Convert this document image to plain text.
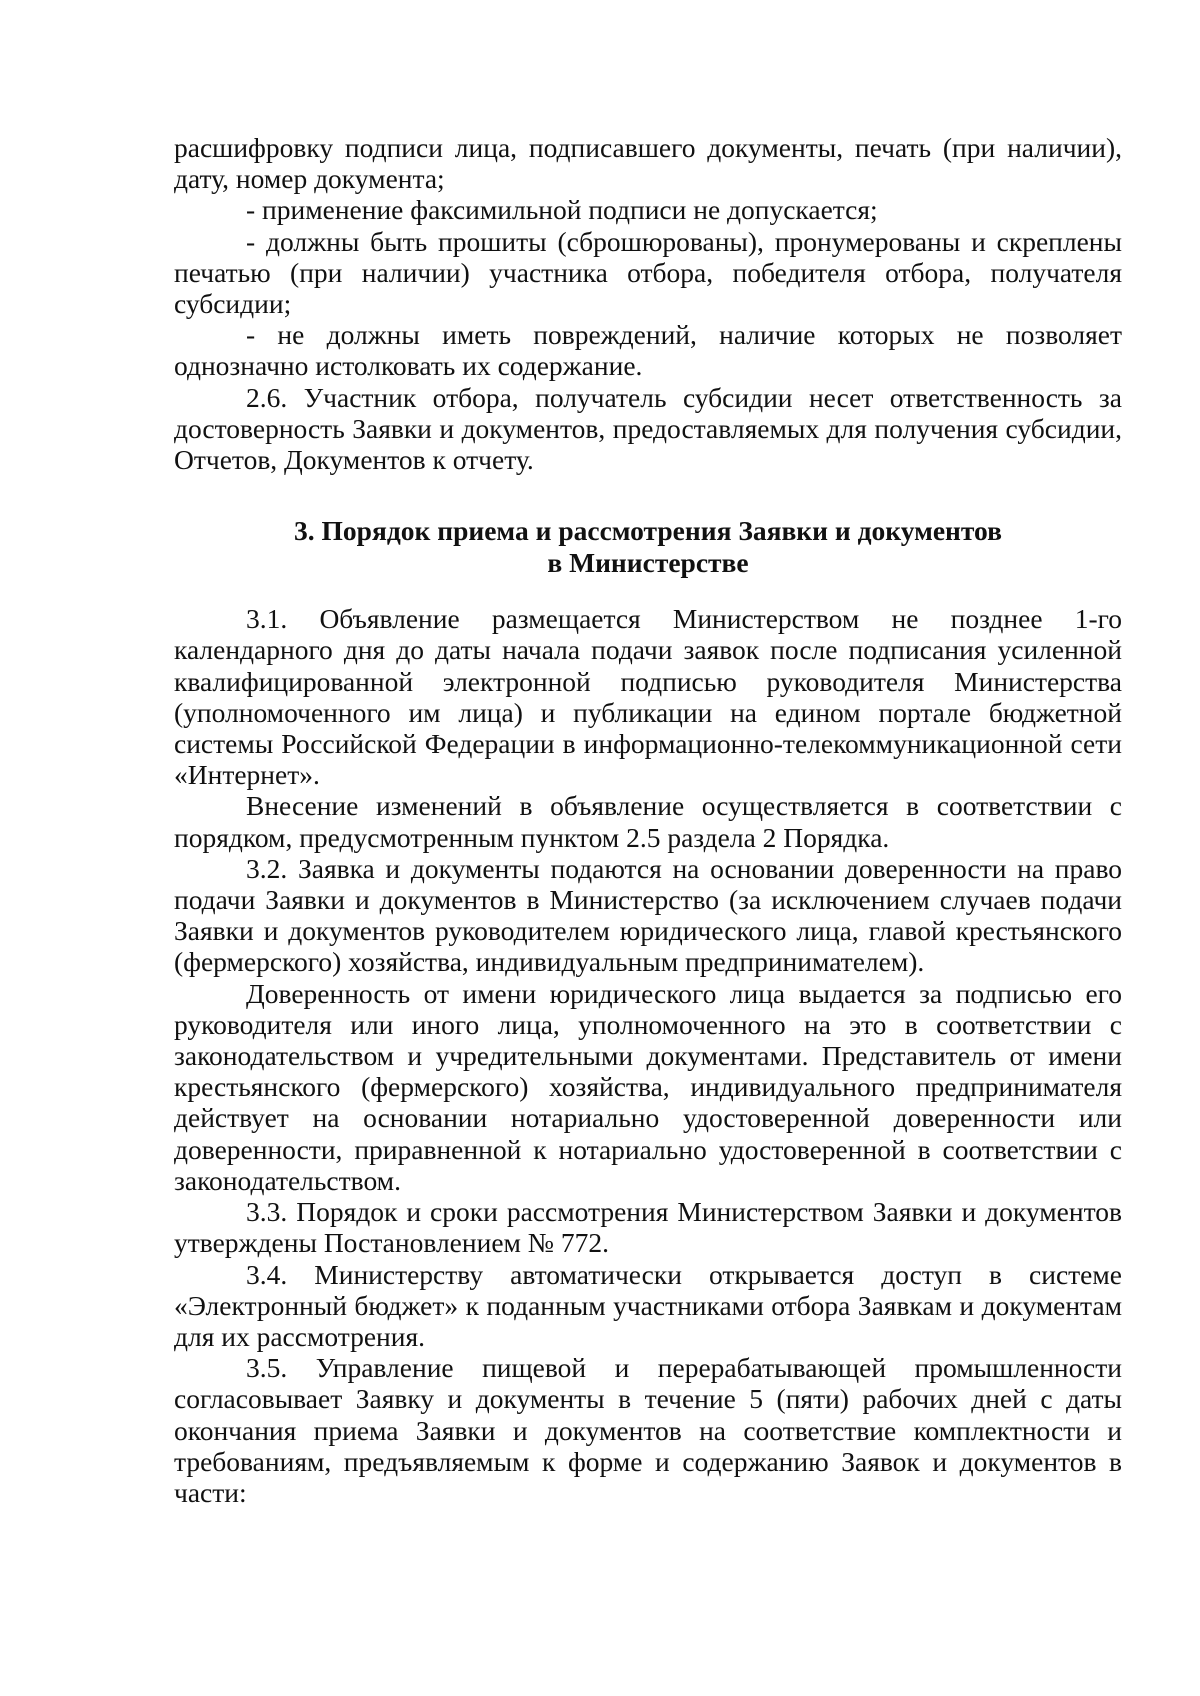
расшифровку подписи лица, подписавшего документы, печать (при наличии), дату, номер документа;

- применение факсимильной подписи не допускается;

- должны быть прошиты (сброшюрованы), пронумерованы и скреплены печатью (при наличии) участника отбора, победителя отбора, получателя субсидии;

- не должны иметь повреждений, наличие которых не позволяет однозначно истолковать их содержание.

2.6. Участник отбора, получатель субсидии несет ответственность за достоверность Заявки и документов, предоставляемых для получения субсидии, Отчетов, Документов к отчету.

3. Порядок приема и рассмотрения Заявки и документов
в Министерстве

3.1. Объявление размещается Министерством не позднее 1-го календарного дня до даты начала подачи заявок после подписания усиленной квалифицированной электронной подписью руководителя Министерства (уполномоченного им лица) и публикации на едином портале бюджетной системы Российской Федерации в информационно-телекоммуникационной сети «Интернет».

Внесение изменений в объявление осуществляется в соответствии с порядком, предусмотренным пунктом 2.5 раздела 2 Порядка.

3.2. Заявка и документы подаются на основании доверенности на право подачи Заявки и документов в Министерство (за исключением случаев подачи Заявки и документов руководителем юридического лица, главой крестьянского (фермерского) хозяйства, индивидуальным предпринимателем).

Доверенность от имени юридического лица выдается за подписью его руководителя или иного лица, уполномоченного на это в соответствии с законодательством и учредительными документами. Представитель от имени крестьянского (фермерского) хозяйства, индивидуального предпринимателя действует на основании нотариально удостоверенной доверенности или доверенности, приравненной к нотариально удостоверенной в соответствии с законодательством.

3.3. Порядок и сроки рассмотрения Министерством Заявки и документов утверждены Постановлением № 772.

3.4. Министерству автоматически открывается доступ в системе «Электронный бюджет» к поданным участниками отбора Заявкам и документам для их рассмотрения.

3.5. Управление пищевой и перерабатывающей промышленности согласовывает Заявку и документы в течение 5 (пяти) рабочих дней с даты окончания приема Заявки и документов на соответствие комплектности и требованиям, предъявляемым к форме и содержанию Заявок и документов в части:
